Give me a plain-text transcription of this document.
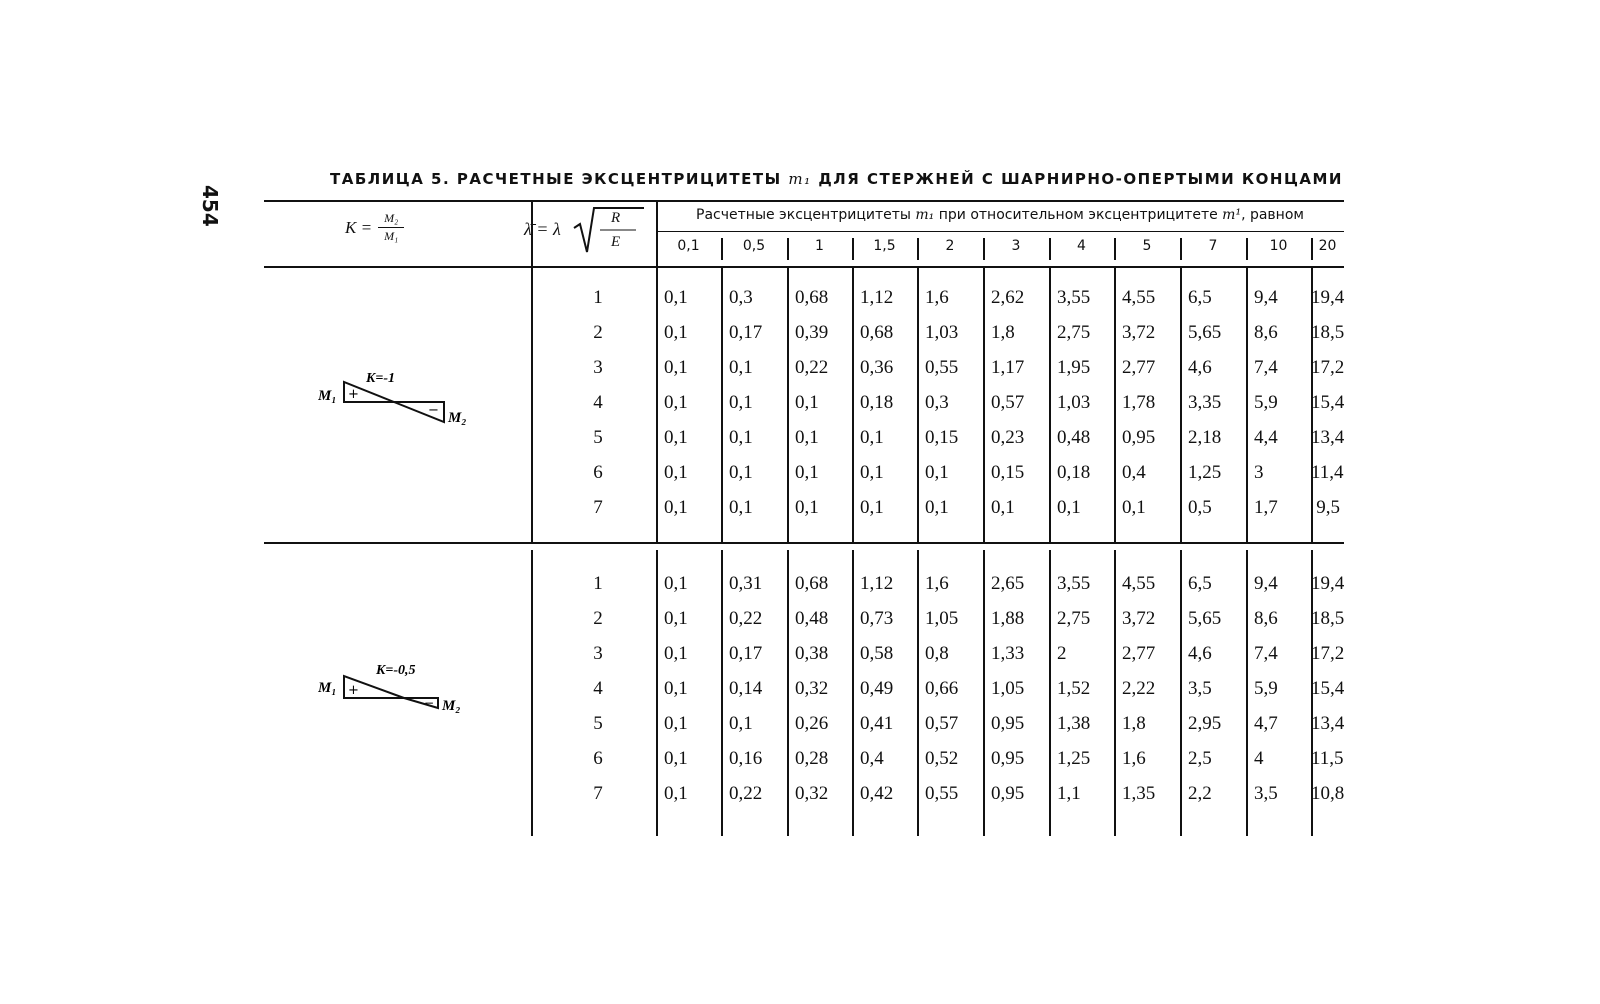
454
ТАБЛИЦА 5. РАСЧЕТНЫЕ ЭКСЦЕНТРИЦИТЕТЫ m₁ ДЛЯ СТЕРЖНЕЙ С ШАРНИРНО-ОПЕРТЫМИ КОНЦАМИ
$K = \frac{\text{M₂}}{\text{M₁}}$	λ̄ = λ
R
E
Расчетные эксцентрицитеты m₁ при относительном эксцентрицитете m¹, равном
0,1	0,5	1	1,5	2	3	4	5	7	10	20
K=-1
M₁
M₂
+
−
K=-0,5
M₁
M₂
+
−
1	0,1 0,3 0,68 1,12 1,6 2,62 3,55 4,55 6,5 9,4 19,4
2	0,1 0,17 0,39 0,68 1,03 1,8 2,75 3,72 5,65 8,6 18,5
3	0,1 0,1 0,22 0,36 0,55 1,17 1,95 2,77 4,6 7,4 17,2
4	0,1 0,1 0,1 0,18 0,3 0,57 1,03 1,78 3,35 5,9 15,4
5	0,1 0,1 0,1 0,1 0,15 0,23 0,48 0,95 2,18 4,4 13,4
6	0,1 0,1 0,1 0,1 0,1 0,15 0,18 0,4 1,25 3	11,4
7	0,1 0,1 0,1 0,1 0,1 0,1 0,1 0,1 0,5 1,7 9,5
1	0,1 0,31 0,68 1,12 1,6 2,65 3,55 4,55 6,5 9,4 19,4
2	0,1 0,22 0,48 0,73 1,05 1,88 2,75 3,72 5,65 8,6 18,5
3	0,1 0,17 0,38 0,58 0,8 1,33 2	2,77 4,6 7,4 17,2
4	0,1 0,14 0,32 0,49 0,66 1,05 1,52 2,22 3,5 5,9 15,4
5	0,1 0,1 0,26 0,41 0,57 0,95 1,38 1,8 2,95 4,7 13,4
6	0,1 0,16 0,28 0,4 0,52 0,95 1,25 1,6 2,5 4	11,5
7	0,1 0,22 0,32 0,42 0,55 0,95 1,1 1,35 2,2 3,5 10,8
